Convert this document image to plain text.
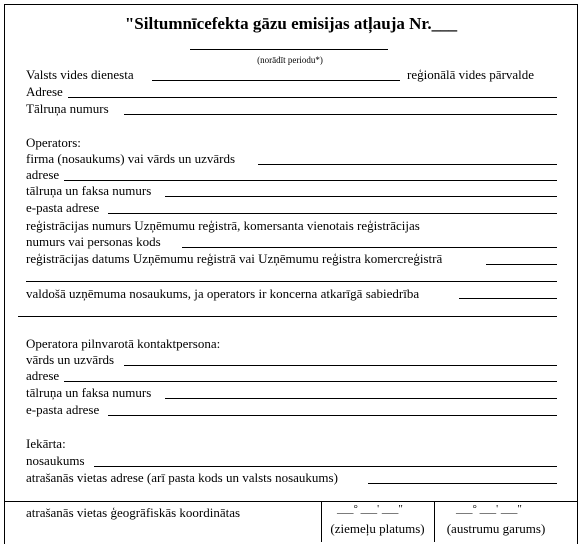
"Siltumnīcefekta gāzu emisijas atļauja Nr.___
(norādīt periodu*)
Valsts vides dienesta	reģionālā vides pārvalde
Adrese
Tālruņa numurs
Operators:
firma (nosaukums) vai vārds un uzvārds
adrese
tālruņa un faksa numurs
e-pasta adrese
reģistrācijas numurs Uzņēmumu reģistrā, komersanta vienotais reģistrācijas
numurs vai personas kods
reģistrācijas datums Uzņēmumu reģistrā vai Uzņēmumu reģistra komercreģistrā
valdošā uzņēmuma nosaukums, ja operators ir koncerna atkarīgā sabiedrība
Operatora pilnvarotā kontaktpersona:
vārds un uzvārds
adrese
tālruņa un faksa numurs
e-pasta adrese
Iekārta:
nosaukums
atrašanās vietas adrese (arī pasta kods un valsts nosaukums)
atrašanās vietas ģeogrāfiskās koordinātas	___° ___' ___"
(ziemeļu platums)
___° ___' ___"
(austrumu garums)
